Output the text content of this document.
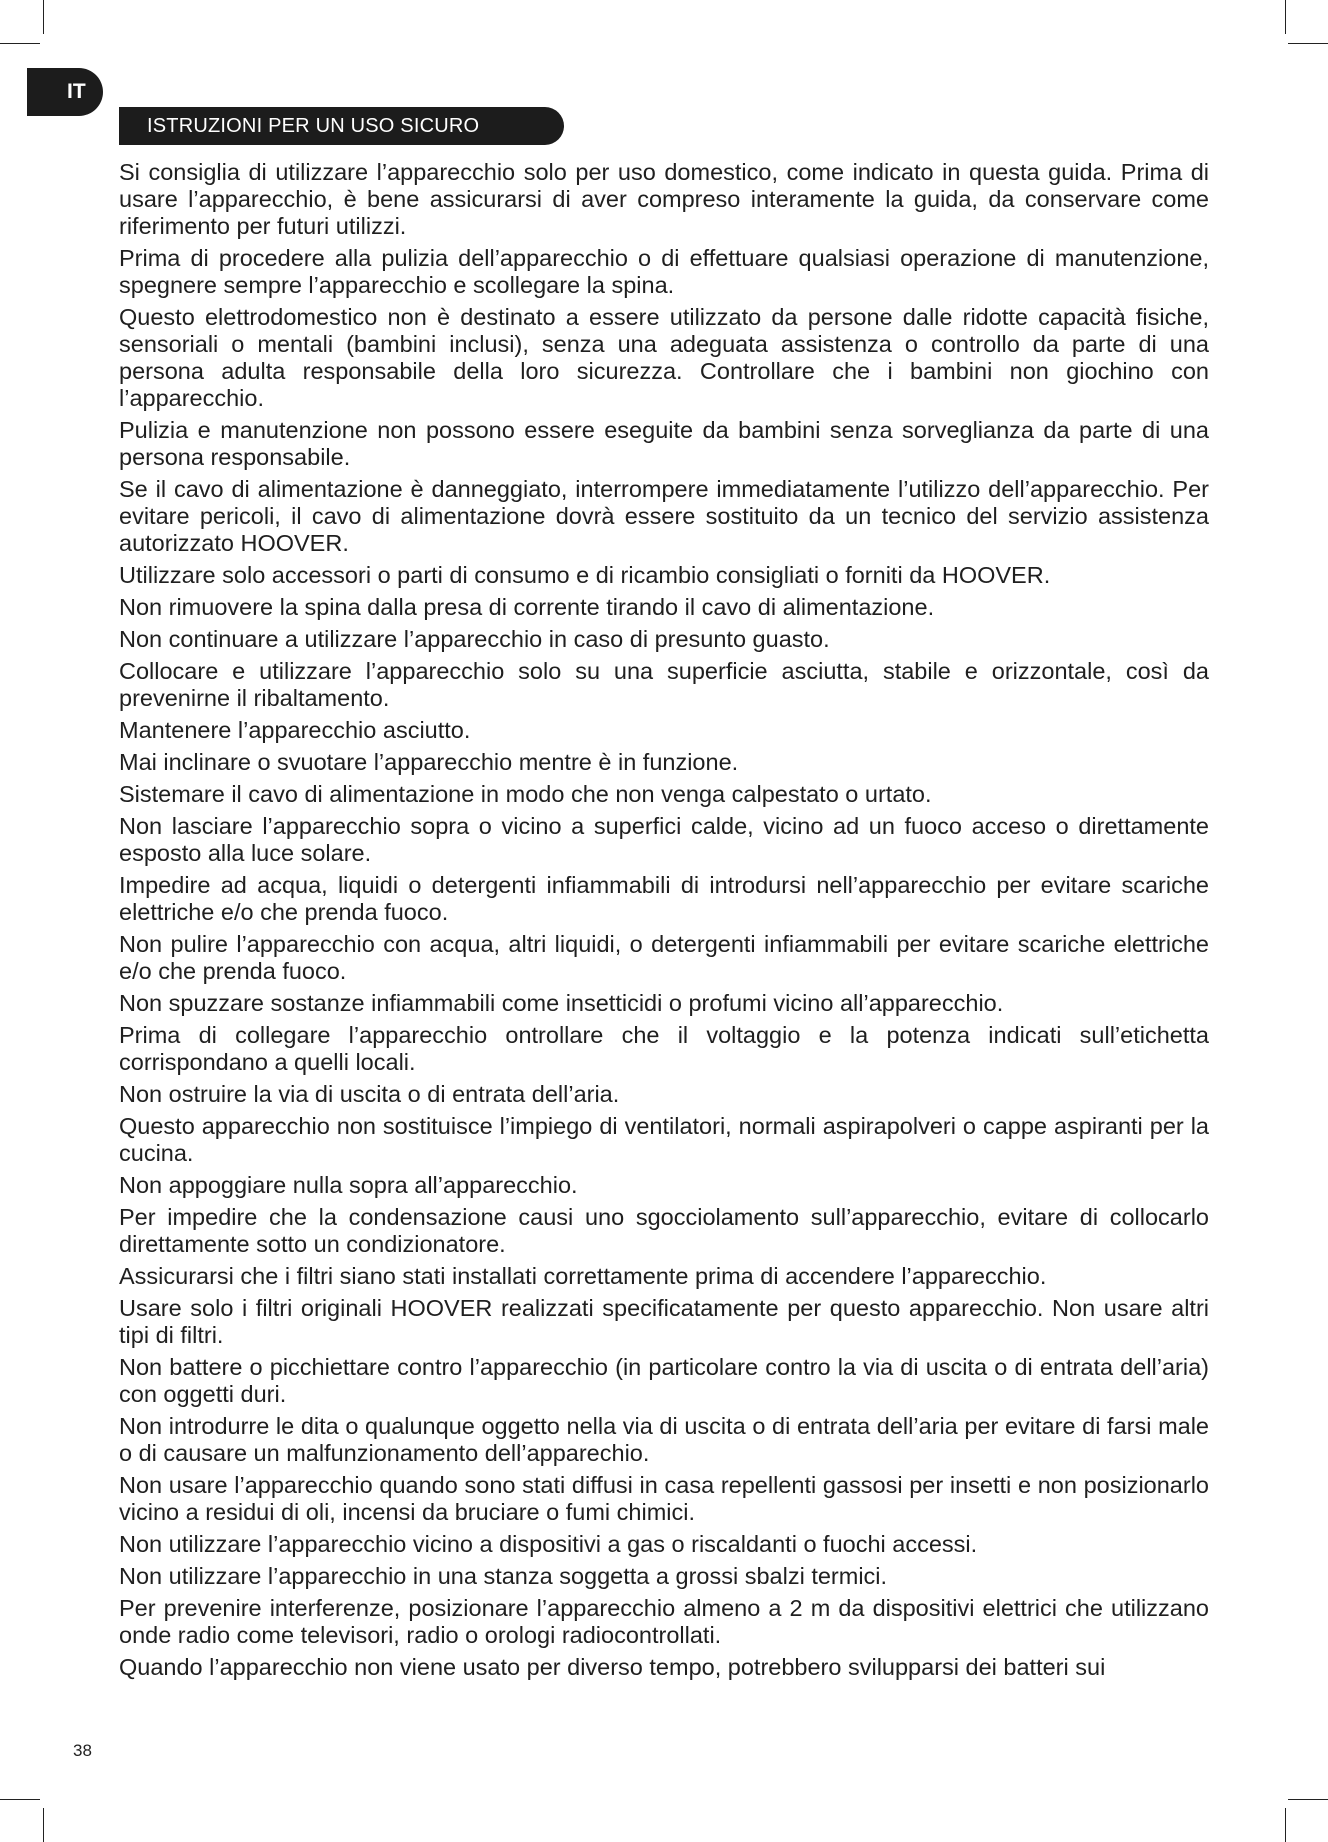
IT
ISTRUZIONI PER UN USO SICURO

Si consiglia di utilizzare l’apparecchio solo per uso domestico, come indicato in questa guida. Prima di usare l’apparecchio, è bene assicurarsi di aver compreso interamente la guida, da conservare come riferimento per futuri utilizzi.

Prima di procedere alla pulizia dell’apparecchio o di effettuare qualsiasi operazione di manutenzione, spegnere sempre l’apparecchio e scollegare la spina.

Questo elettrodomestico non è destinato a essere utilizzato da persone dalle ridotte capacità fisiche, sensoriali o mentali (bambini inclusi), senza una adeguata assistenza o controllo da parte di una persona adulta responsabile della loro sicurezza. Controllare che i bambini non giochino con l’apparecchio.

Pulizia e manutenzione non possono essere eseguite da bambini senza sorveglianza da parte di una persona responsabile.

Se il cavo di alimentazione è danneggiato, interrompere immediatamente l’utilizzo dell’apparecchio. Per evitare pericoli, il cavo di alimentazione dovrà essere sostituito da un tecnico del servizio assistenza autorizzato HOOVER.

Utilizzare solo accessori o parti di consumo e di ricambio consigliati o forniti da HOOVER.

Non rimuovere la spina dalla presa di corrente tirando il cavo di alimentazione.

Non continuare a utilizzare l’apparecchio in caso di presunto guasto.

Collocare e utilizzare l’apparecchio solo su una superficie asciutta, stabile e orizzontale, così da prevenirne il ribaltamento.

Mantenere l’apparecchio asciutto.

Mai inclinare o svuotare l’apparecchio mentre è in funzione.

Sistemare il cavo di alimentazione in modo che non venga calpestato o urtato.

Non lasciare l’apparecchio sopra o vicino a superfici calde, vicino ad un fuoco acceso o direttamente esposto alla luce solare.

Impedire ad acqua, liquidi o detergenti infiammabili di introdursi nell’apparecchio per evitare scariche elettriche e/o che prenda fuoco.

Non pulire l’apparecchio con acqua, altri liquidi, o detergenti infiammabili per evitare scariche elettriche e/o che prenda fuoco.

Non spuzzare sostanze infiammabili come insetticidi o profumi vicino all’apparecchio.

Prima di collegare l’apparecchio ontrollare che il voltaggio e la potenza indicati sull’etichetta corrispondano a quelli locali.

Non ostruire la via di uscita o di entrata dell’aria.

Questo apparecchio non sostituisce l’impiego di ventilatori, normali aspirapolveri o cappe aspiranti per la cucina.

Non appoggiare nulla sopra all’apparecchio.

Per impedire che la condensazione causi uno sgocciolamento sull’apparecchio, evitare di collocarlo direttamente sotto un condizionatore.

Assicurarsi che i filtri siano stati installati correttamente prima di accendere l’apparecchio.

Usare solo i filtri originali HOOVER realizzati specificatamente per questo apparecchio. Non usare altri tipi di filtri.

Non battere o picchiettare contro l’apparecchio (in particolare contro la via di uscita o di entrata dell’aria) con oggetti duri.

Non introdurre le dita o qualunque oggetto nella via di uscita o di entrata dell’aria per evitare di farsi male o di causare un malfunzionamento dell’apparechio.

Non usare l’apparecchio quando sono stati diffusi in casa repellenti gassosi per insetti e non posizionarlo vicino a residui di oli, incensi da bruciare o fumi chimici.

Non utilizzare l’apparecchio vicino a dispositivi a gas o riscaldanti o fuochi accessi.

Non utilizzare l’apparecchio in una stanza soggetta a grossi sbalzi termici.

Per prevenire interferenze, posizionare l’apparecchio almeno a 2 m da dispositivi elettrici che utilizzano onde radio come televisori, radio o orologi radiocontrollati.

Quando l’apparecchio non viene usato per diverso tempo, potrebbero svilupparsi dei batteri sui

38
